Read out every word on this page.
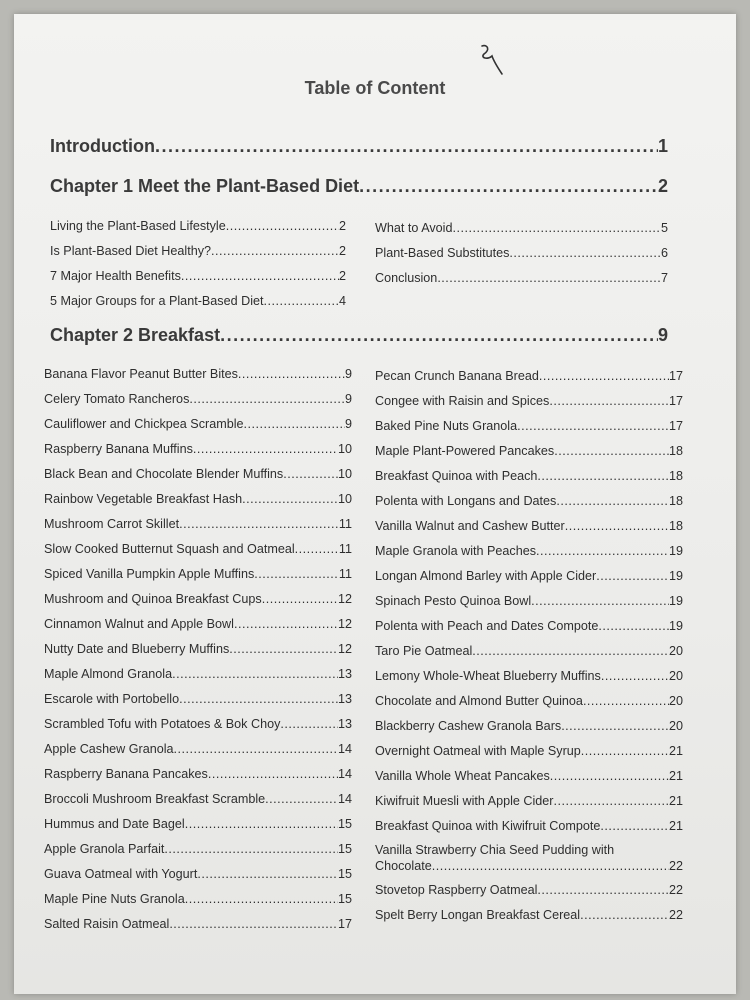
Table of Content
Introduction .....	1
Chapter 1 Meet the Plant-Based Diet .....	2
Living the Plant-Based Lifestyle .....	2
Is Plant-Based Diet Healthy? .....	2
7 Major Health Benefits .....	2
5 Major Groups for a Plant-Based Diet .....	4
What to Avoid .....	5
Plant-Based Substitutes .....	6
Conclusion .....	7
Chapter 2 Breakfast .....	9
Banana Flavor Peanut Butter Bites .....	9
Celery Tomato Rancheros .....	9
Cauliflower and Chickpea Scramble .....	9
Raspberry Banana Muffins .....	10
Black Bean and Chocolate Blender Muffins .....	10
Rainbow Vegetable Breakfast Hash .....	10
Mushroom Carrot Skillet .....	11
Slow Cooked Butternut Squash and Oatmeal .....	11
Spiced Vanilla Pumpkin Apple Muffins .....	11
Mushroom and Quinoa Breakfast Cups .....	12
Cinnamon Walnut and Apple Bowl .....	12
Nutty Date and Blueberry Muffins .....	12
Maple Almond Granola .....	13
Escarole with Portobello .....	13
Scrambled Tofu with Potatoes & Bok Choy .....	13
Apple Cashew Granola .....	14
Raspberry Banana Pancakes .....	14
Broccoli Mushroom Breakfast Scramble .....	14
Hummus and Date Bagel .....	15
Apple Granola Parfait .....	15
Guava Oatmeal with Yogurt .....	15
Maple Pine Nuts Granola .....	15
Salted Raisin Oatmeal .....	17
Pecan Crunch Banana Bread .....	17
Congee with Raisin and Spices .....	17
Baked Pine Nuts Granola .....	17
Maple Plant-Powered Pancakes .....	18
Breakfast Quinoa with Peach .....	18
Polenta with Longans and Dates .....	18
Vanilla Walnut and Cashew Butter .....	18
Maple Granola with Peaches .....	19
Longan Almond Barley with Apple Cider .....	19
Spinach Pesto Quinoa Bowl .....	19
Polenta with Peach and Dates Compote .....	19
Taro Pie Oatmeal .....	20
Lemony Whole-Wheat Blueberry Muffins .....	20
Chocolate and Almond Butter Quinoa .....	20
Blackberry Cashew Granola Bars .....	20
Overnight Oatmeal with Maple Syrup .....	21
Vanilla Whole Wheat Pancakes .....	21
Kiwifruit Muesli with Apple Cider .....	21
Breakfast Quinoa with Kiwifruit Compote .....	21
Vanilla Strawberry Chia Seed Pudding with
Chocolate .....	22
Stovetop Raspberry Oatmeal .....	22
Spelt Berry Longan Breakfast Cereal .....	22
